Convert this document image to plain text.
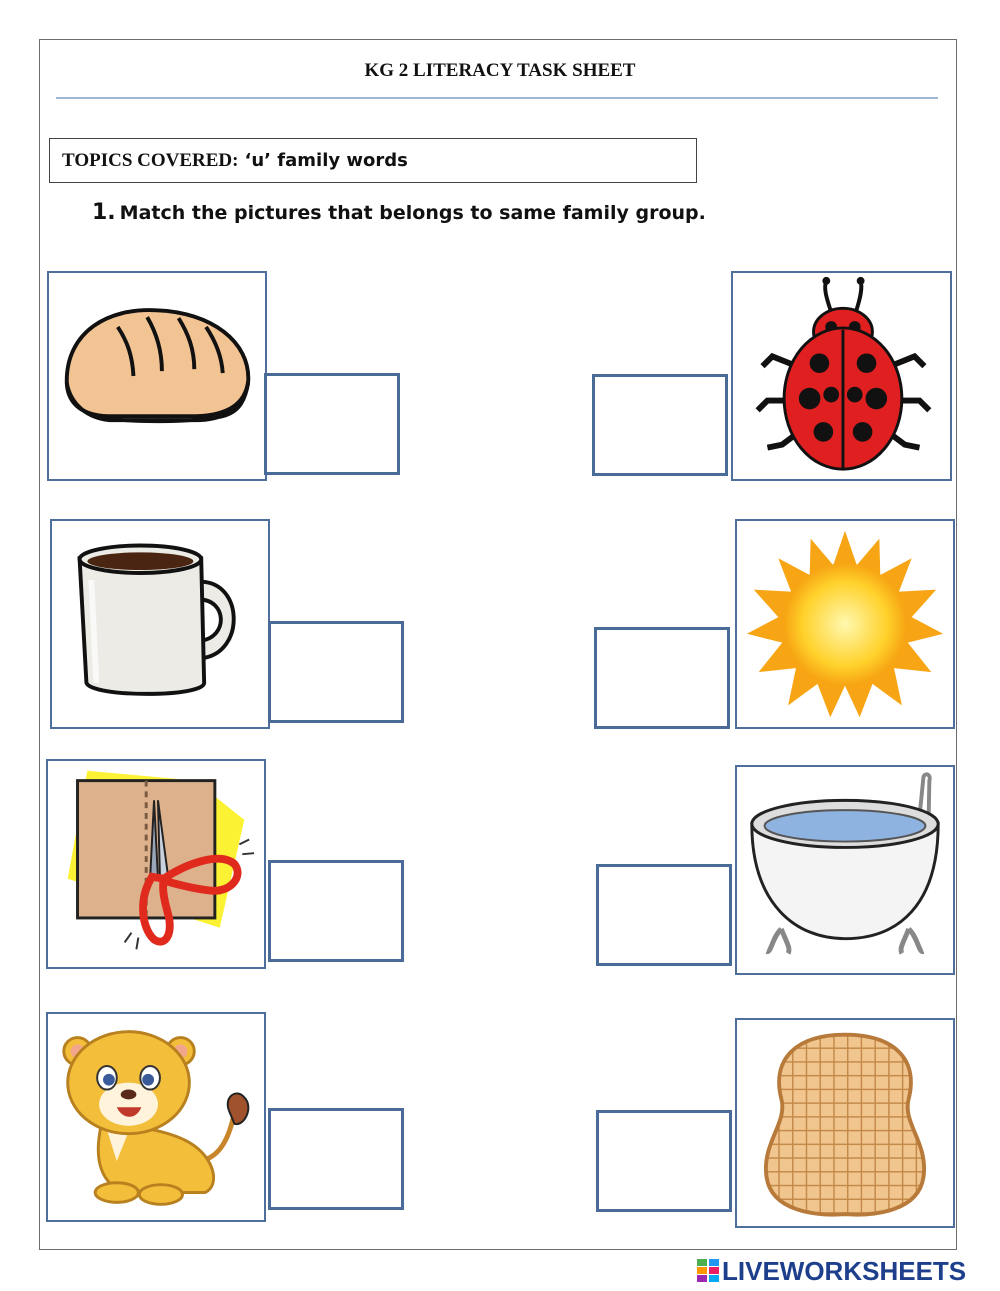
KG 2 LITERACY TASK SHEET
TOPICS COVERED: ‘u’ family words
1. Match the pictures that belongs to same family group.
LIVEWORKSHEETS
